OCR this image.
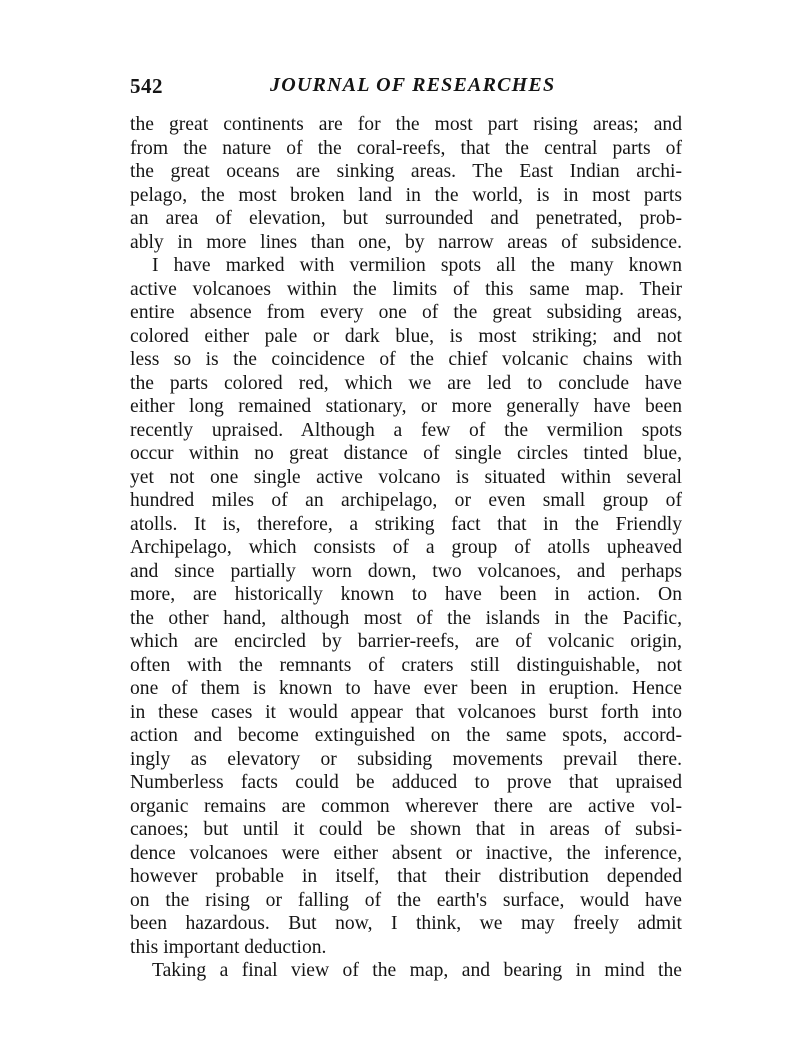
542	JOURNAL OF RESEARCHES
the great continents are for the most part rising areas; and
from the nature of the coral-reefs, that the central parts of
the great oceans are sinking areas. The East Indian archi-
pelago, the most broken land in the world, is in most parts
an area of elevation, but surrounded and penetrated, prob-
ably in more lines than one, by narrow areas of subsidence.
I have marked with vermilion spots all the many known
active volcanoes within the limits of this same map. Their
entire absence from every one of the great subsiding areas,
colored either pale or dark blue, is most striking; and not
less so is the coincidence of the chief volcanic chains with
the parts colored red, which we are led to conclude have
either long remained stationary, or more generally have been
recently upraised. Although a few of the vermilion spots
occur within no great distance of single circles tinted blue,
yet not one single active volcano is situated within several
hundred miles of an archipelago, or even small group of
atolls. It is, therefore, a striking fact that in the Friendly
Archipelago, which consists of a group of atolls upheaved
and since partially worn down, two volcanoes, and perhaps
more, are historically known to have been in action. On
the other hand, although most of the islands in the Pacific,
which are encircled by barrier-reefs, are of volcanic origin,
often with the remnants of craters still distinguishable, not
one of them is known to have ever been in eruption. Hence
in these cases it would appear that volcanoes burst forth into
action and become extinguished on the same spots, accord-
ingly as elevatory or subsiding movements prevail there.
Numberless facts could be adduced to prove that upraised
organic remains are common wherever there are active vol-
canoes; but until it could be shown that in areas of subsi-
dence volcanoes were either absent or inactive, the inference,
however probable in itself, that their distribution depended
on the rising or falling of the earth's surface, would have
been hazardous. But now, I think, we may freely admit
this important deduction.
Taking a final view of the map, and bearing in mind the
